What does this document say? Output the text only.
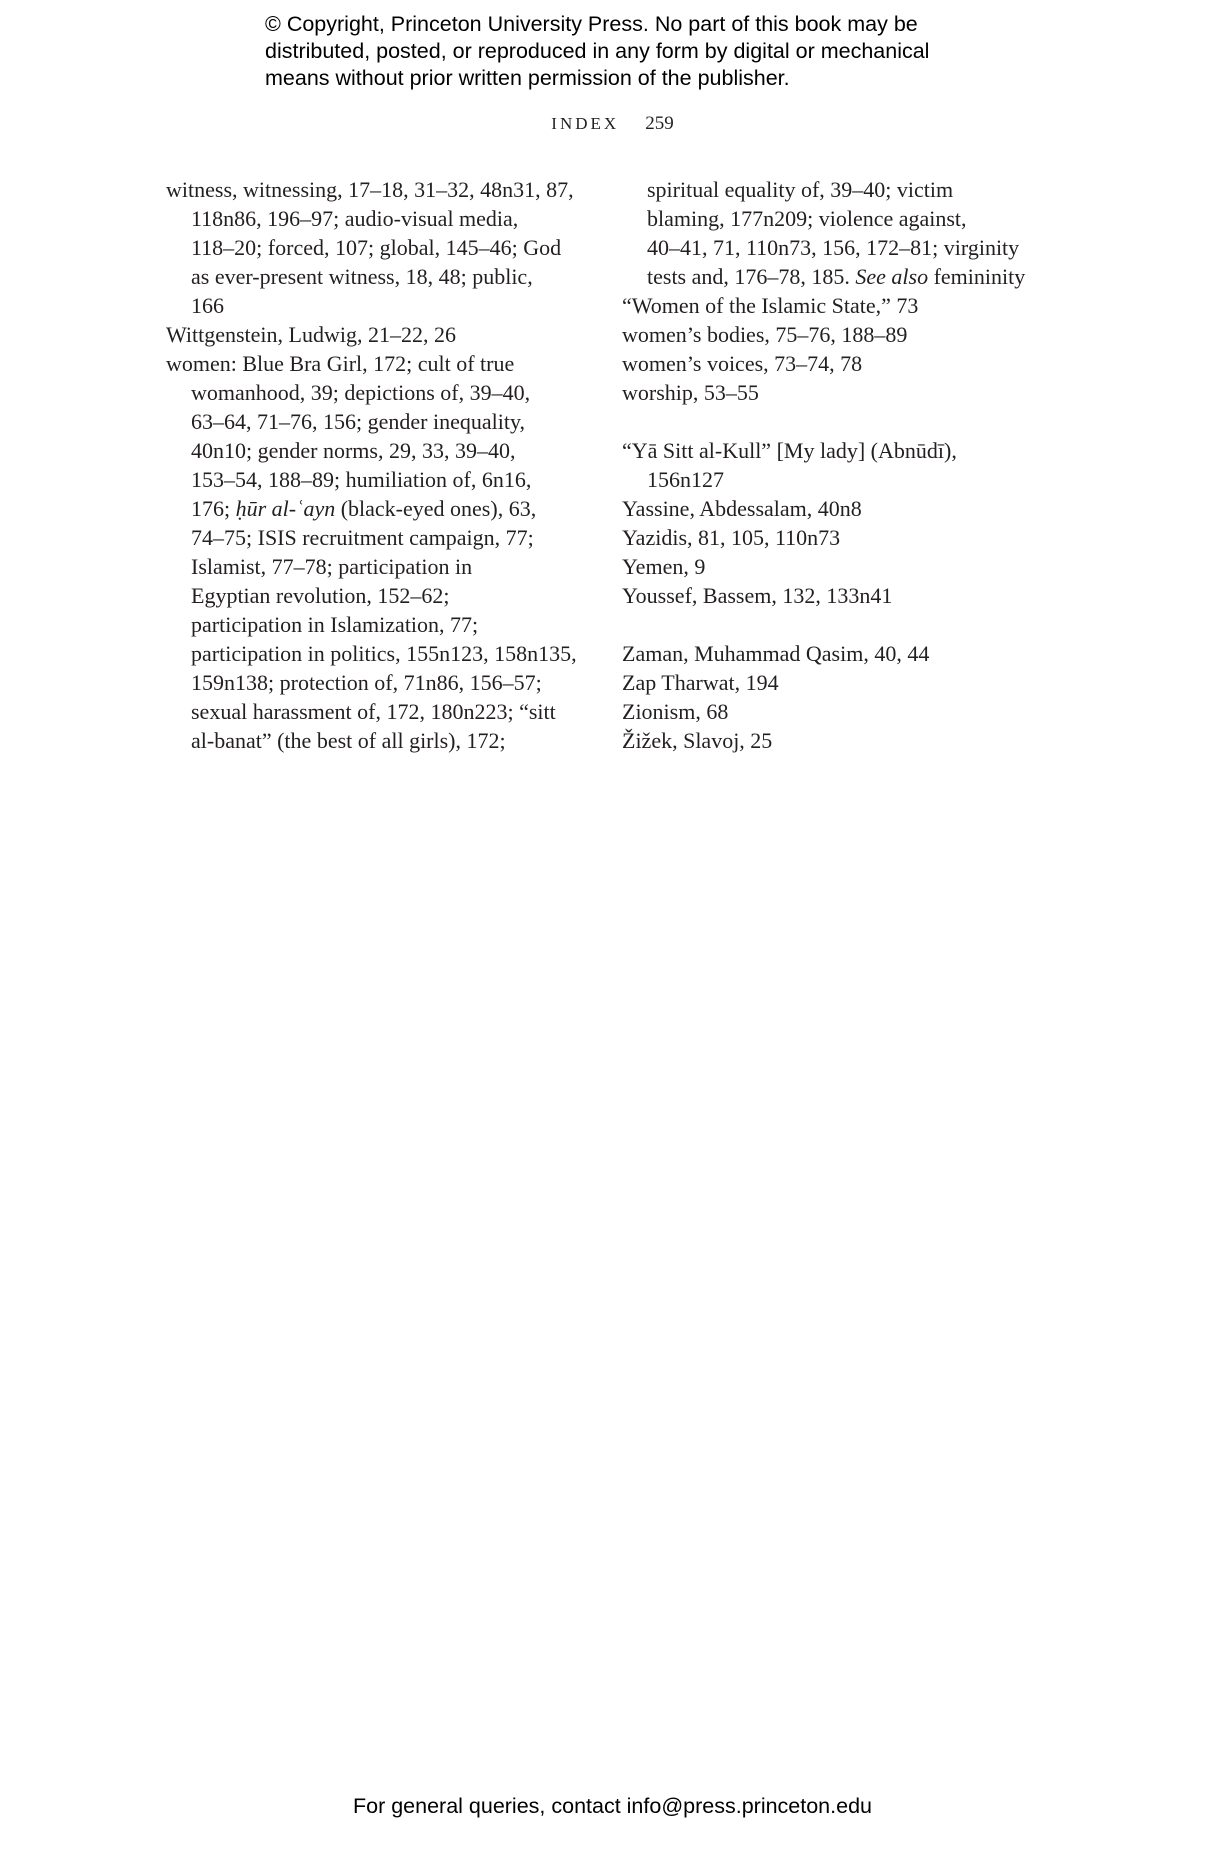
© Copyright, Princeton University Press. No part of this book may be
distributed, posted, or reproduced in any form by digital or mechanical
means without prior written permission of the publisher.
INDEX 259
witness, witnessing, 17–18, 31–32, 48n31, 87,
118n86, 196–97; audio-visual media,
118–20; forced, 107; global, 145–46; God
as ever-present witness, 18, 48; public,
166
Wittgenstein, Ludwig, 21–22, 26
women: Blue Bra Girl, 172; cult of true
womanhood, 39; depictions of, 39–40,
63–64, 71–76, 156; gender inequality,
40n10; gender norms, 29, 33, 39–40,
153–54, 188–89; humiliation of, 6n16,
176; ḥūr al-ʿayn (black-eyed ones), 63,
74–75; ISIS recruitment campaign, 77;
Islamist, 77–78; participation in
Egyptian revolution, 152–62;
participation in Islamization, 77;
participation in politics, 155n123, 158n135,
159n138; protection of, 71n86, 156–57;
sexual harassment of, 172, 180n223; “sitt
al-banat” (the best of all girls), 172;
spiritual equality of, 39–40; victim
blaming, 177n209; violence against,
40–41, 71, 110n73, 156, 172–81; virginity
tests and, 176–78, 185. See also femininity
“Women of the Islamic State,” 73
women’s bodies, 75–76, 188–89
women’s voices, 73–74, 78
worship, 53–55
“Yā Sitt al-Kull” [My lady] (Abnūdī),
156n127
Yassine, Abdessalam, 40n8
Yazidis, 81, 105, 110n73
Yemen, 9
Youssef, Bassem, 132, 133n41
Zaman, Muhammad Qasim, 40, 44
Zap Tharwat, 194
Zionism, 68
Žižek, Slavoj, 25
For general queries, contact info@press.princeton.edu
